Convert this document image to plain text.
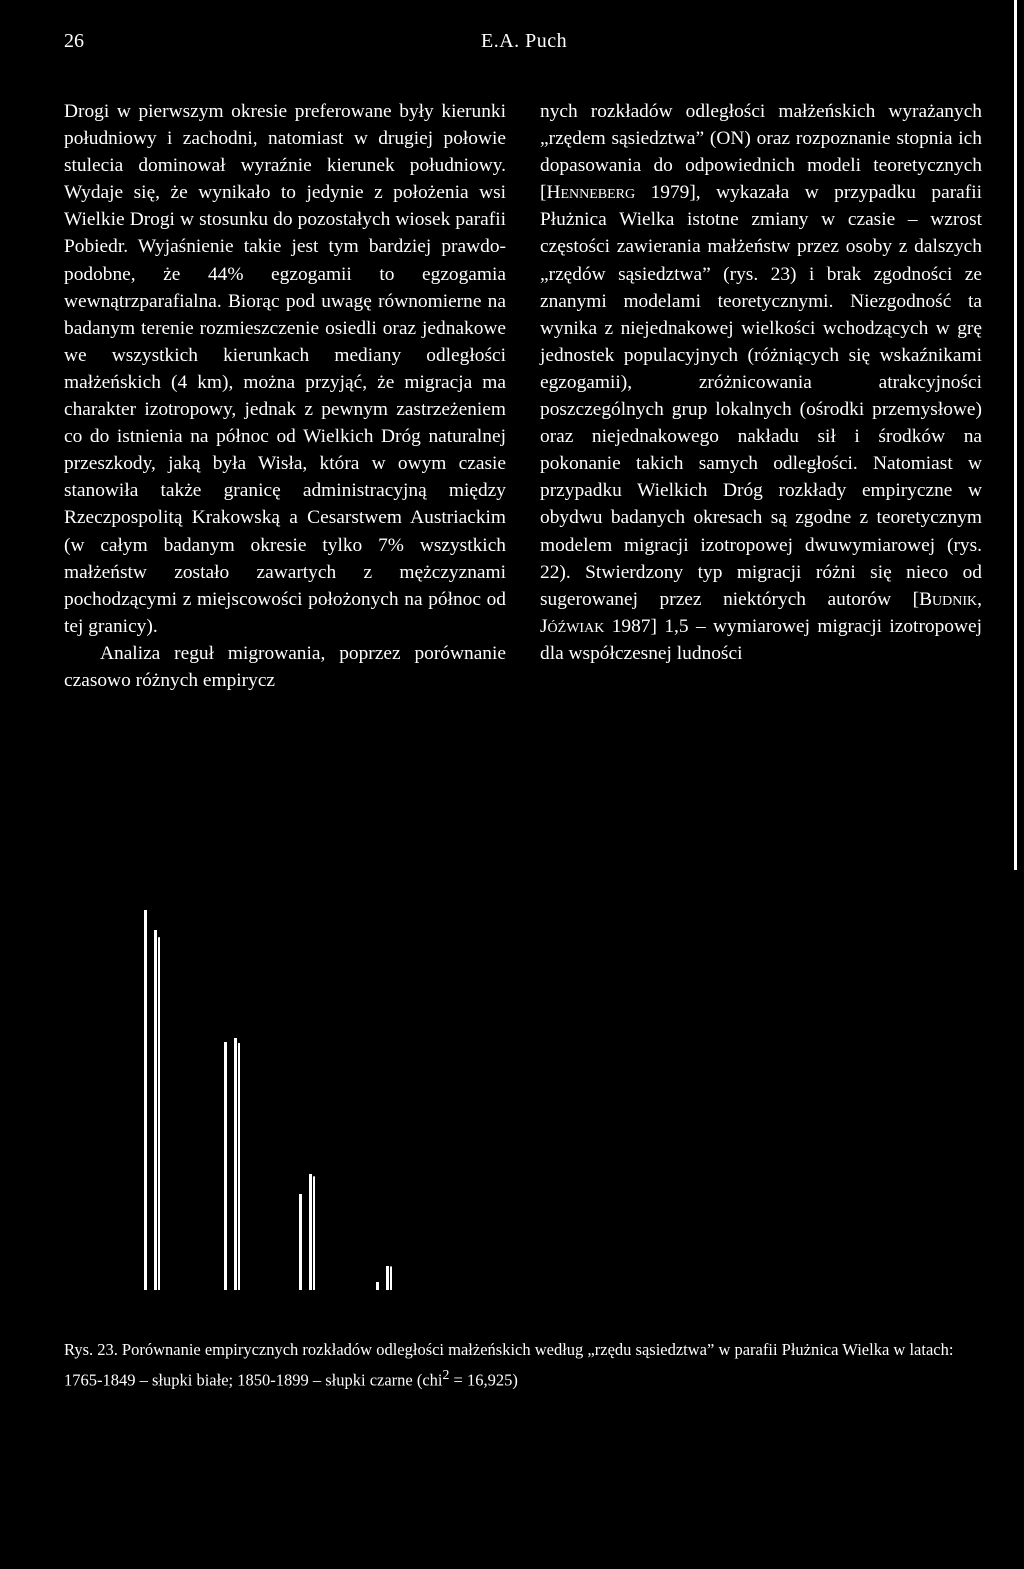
26	E.A. Puch

Drogi w pierwszym okresie preferowane były kierunki południowy i zachodni, natomiast w drugiej połowie stulecia dominował wyraźnie kierunek południowy. Wydaje się, że wynikało to jedynie z położenia wsi Wielkie Drogi w stosunku do pozostałych wiosek parafii Pobiedr. Wyjaśnienie takie jest tym bardziej prawdopodobne, że 44% egzogamii to egzogamia wewnątrzparafialna. Biorąc pod uwagę równomierne na badanym terenie rozmieszczenie osiedli oraz jednakowe we wszystkich kierunkach mediany odległości małżeńskich (4 km), można przyjąć, że migracja ma charakter izotropowy, jednak z pewnym zastrzeżeniem co do istnienia na północ od Wielkich Dróg naturalnej przeszkody, jaką była Wisła, która w owym czasie stanowiła także granicę administracyjną między Rzeczpospolitą Krakowską a Cesarstwem Austriackim (w całym badanym okresie tylko 7% wszystkich małżeństw zostało zawartych z mężczyznami pochodzącymi z miejscowości położonych na północ od tej granicy).

Analiza reguł migrowania, poprzez porównanie czasowo różnych empirycz

nych rozkładów odległości małżeńskich wyrażanych „rzędem sąsiedztwa” (ON) oraz rozpoznanie stopnia ich dopasowania do odpowiednich modeli teoretycznych [Henneberg 1979], wykazała w przypadku parafii Płużnica Wielka istotne zmiany w czasie – wzrost częstości zawierania małżeństw przez osoby z dalszych „rzędów sąsiedztwa” (rys. 23) i brak zgodności ze znanymi modelami teoretycznymi. Niezgodność ta wynika z niejednakowej wielkości wchodzących w grę jednostek populacyjnych (różniących się wskaźnikami egzogamii), zróżnicowania atrakcyjności poszczególnych grup lokalnych (ośrodki przemysłowe) oraz niejednakowego nakładu sił i środków na pokonanie takich samych odległości. Natomiast w przypadku Wielkich Dróg rozkłady empiryczne w obydwu badanych okresach są zgodne z teoretycznym modelem migracji izotropowej dwuwymiarowej (rys. 22). Stwierdzony typ migracji różni się nieco od sugerowanej przez niektórych autorów [Budnik, Jóźwiak 1987] 1,5 – wymiarowej migracji izotropowej dla współczesnej ludności

Rys. 23. Porównanie empirycznych rozkładów odległości małżeńskich według „rzędu sąsiedztwa” w parafii Płużnica Wielka w latach: 1765-1849 – słupki białe; 1850-1899 – słupki czarne (chi$^2$ = 16,925)
